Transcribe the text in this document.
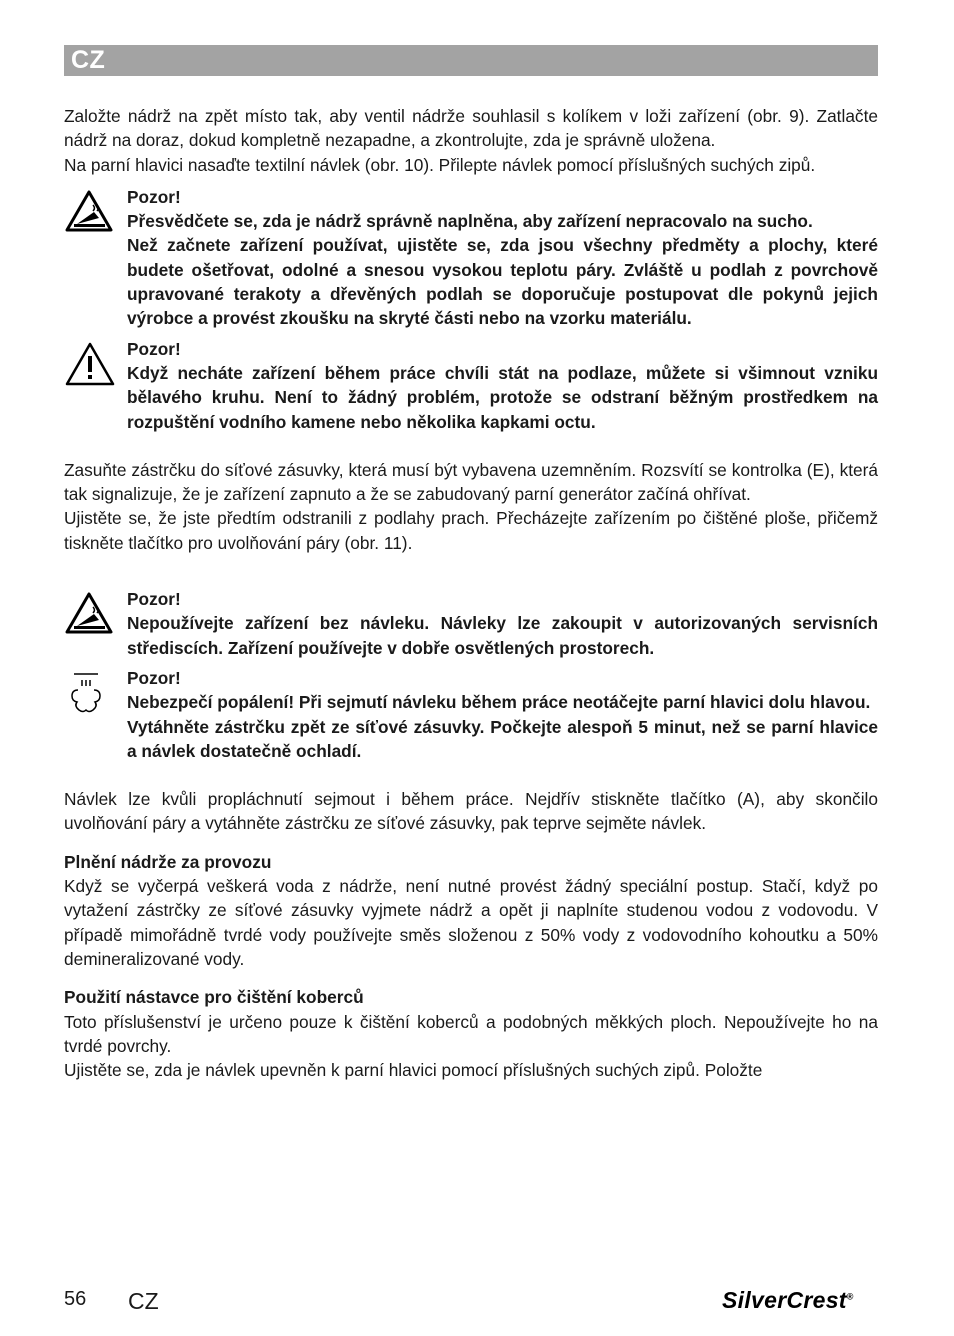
CZ

Založte nádrž na zpět místo tak, aby ventil nádrže souhlasil s kolíkem v loži zařízení (obr. 9). Zatlačte nádrž na doraz, dokud kompletně nezapadne, a zkontrolujte, zda je správně uložena.

Na parní hlavici nasaďte textilní návlek (obr. 10). Přilepte návlek pomocí příslušných suchých zipů.

Pozor!

Přesvědčete se, zda je nádrž správně naplněna, aby zařízení nepracovalo na sucho.

Než začnete zařízení používat, ujistěte se, zda jsou všechny předměty a plochy, které budete ošetřovat, odolné a snesou vysokou teplotu páry. Zvláště u podlah z povrchově upravované terakoty a dřevěných podlah se doporučuje postupovat dle pokynů jejich výrobce a provést zkoušku na skryté části nebo na vzorku materiálu.

Pozor!

Když necháte zařízení během práce chvíli stát na podlaze, můžete si všimnout vzniku bělavého kruhu. Není to žádný problém, protože se odstraní běžným prostředkem na rozpuštění vodního kamene nebo několika kapkami octu.

Zasuňte zástrčku do síťové zásuvky, která musí být vybavena uzemněním. Rozsvítí se kontrolka (E), která tak signalizuje, že je zařízení zapnuto a že se zabudovaný parní generátor začíná ohřívat.

Ujistěte se, že jste předtím odstranili z podlahy prach. Přecházejte zařízením po čištěné ploše, přičemž tiskněte tlačítko pro uvolňování páry (obr. 11).

Pozor!

Nepoužívejte zařízení bez návleku. Návleky lze zakoupit v autorizovaných servisních střediscích. Zařízení používejte v dobře osvětlených prostorech.

Pozor!

Nebezpečí popálení! Při sejmutí návleku během práce neotáčejte parní hlavici dolu hlavou.

Vytáhněte zástrčku zpět ze síťové zásuvky. Počkejte alespoň 5 minut, než se parní hlavice a návlek dostatečně ochladí.

Návlek lze kvůli propláchnutí sejmout i během práce. Nejdřív stiskněte tlačítko (A), aby skončilo uvolňování páry a vytáhněte zástrčku ze síťové zásuvky, pak teprve sejměte návlek.

Plnění nádrže za provozu

Když se vyčerpá veškerá voda z nádrže, není nutné provést žádný speciální postup. Stačí, když po vytažení zástrčky ze síťové zásuvky vyjmete nádrž a opět ji naplníte studenou vodou z vodovodu. V případě mimořádně tvrdé vody používejte směs složenou z 50% vody z vodovodního kohoutku a 50% demineralizované vody.

Použití nástavce pro čištění koberců

Toto příslušenství je určeno pouze k čištění koberců a podobných měkkých ploch. Nepoužívejte ho na tvrdé povrchy.

Ujistěte se, zda je návlek upevněn k parní hlavici pomocí příslušných suchých zipů. Položte

56 CZ	SilverCrest®
